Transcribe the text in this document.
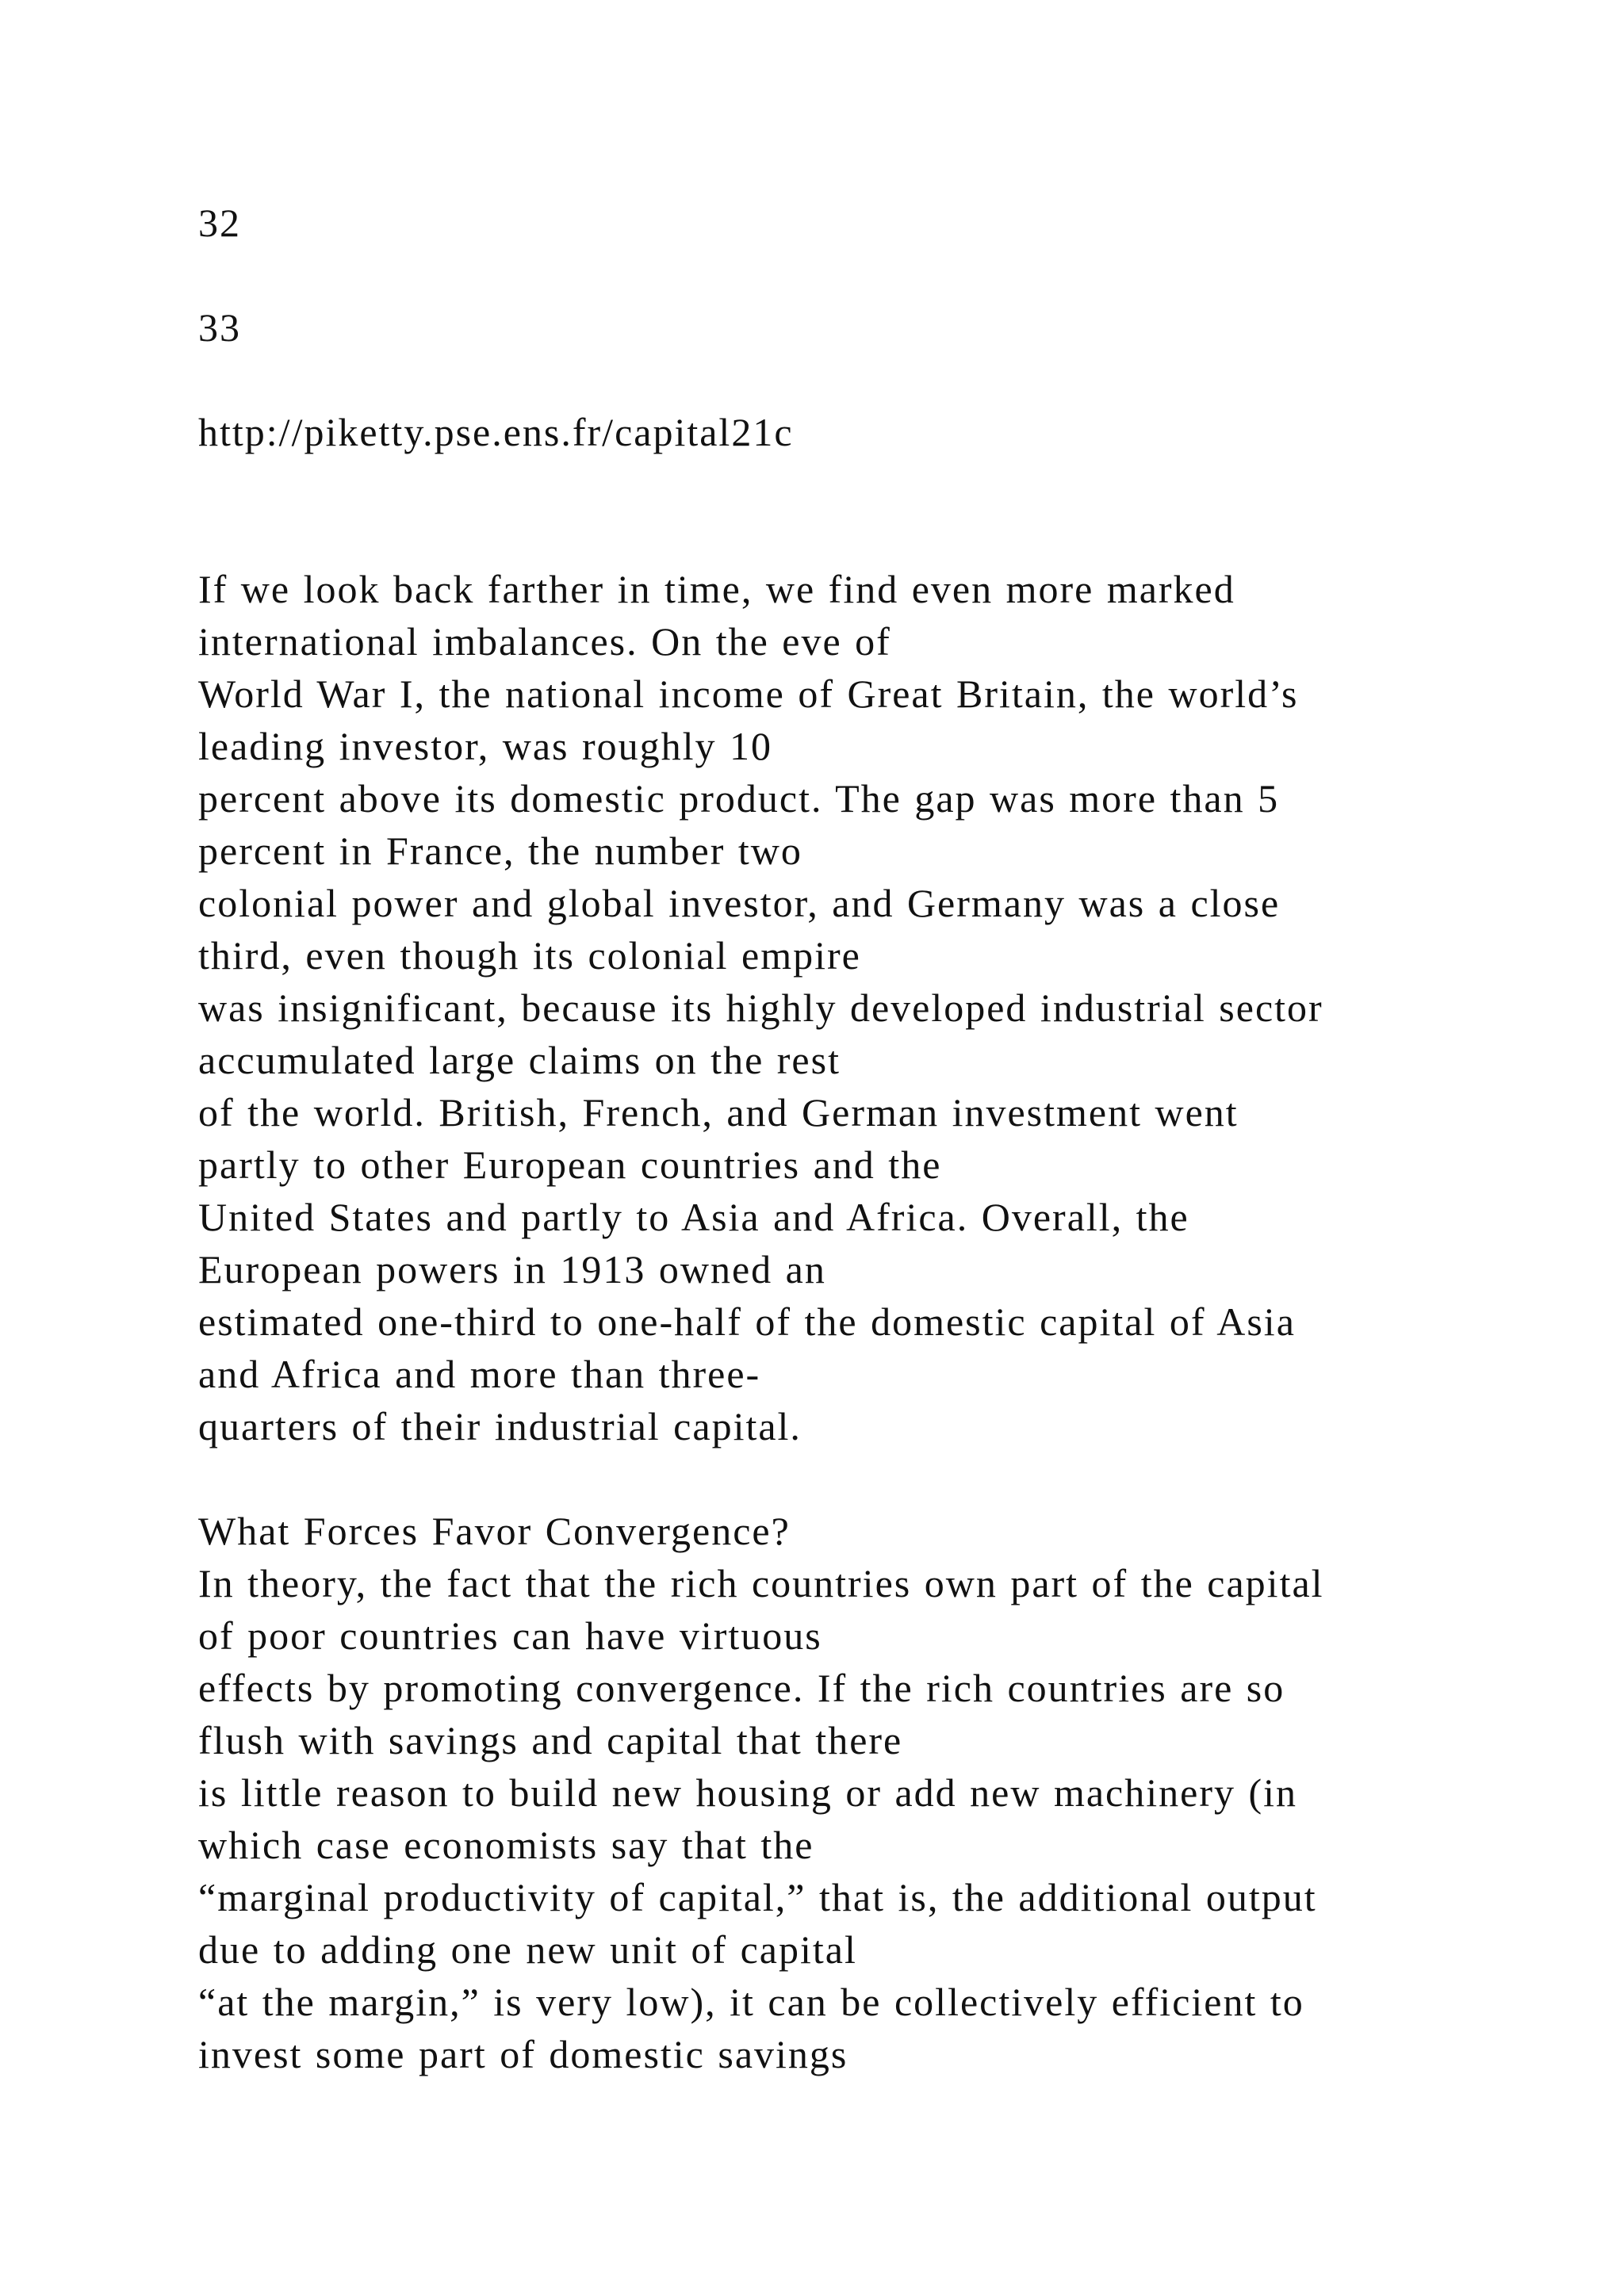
32
33
http://piketty.pse.ens.fr/capital21c
If we look back farther in time, we find even more marked
international imbalances. On the eve of
World War I, the national income of Great Britain, the world’s
leading investor, was roughly 10
percent above its domestic product. The gap was more than 5
percent in France, the number two
colonial power and global investor, and Germany was a close
third, even though its colonial empire
was insignificant, because its highly developed industrial sector
accumulated large claims on the rest
of the world. British, French, and German investment went
partly to other European countries and the
United States and partly to Asia and Africa. Overall, the
European powers in 1913 owned an
estimated one-third to one-half of the domestic capital of Asia
and Africa and more than three-
quarters of their industrial capital.
What Forces Favor Convergence?
In theory, the fact that the rich countries own part of the capital
of poor countries can have virtuous
effects by promoting convergence. If the rich countries are so
flush with savings and capital that there
is little reason to build new housing or add new machinery (in
which case economists say that the
“marginal productivity of capital,” that is, the additional output
due to adding one new unit of capital
“at the margin,” is very low), it can be collectively efficient to
invest some part of domestic savings
